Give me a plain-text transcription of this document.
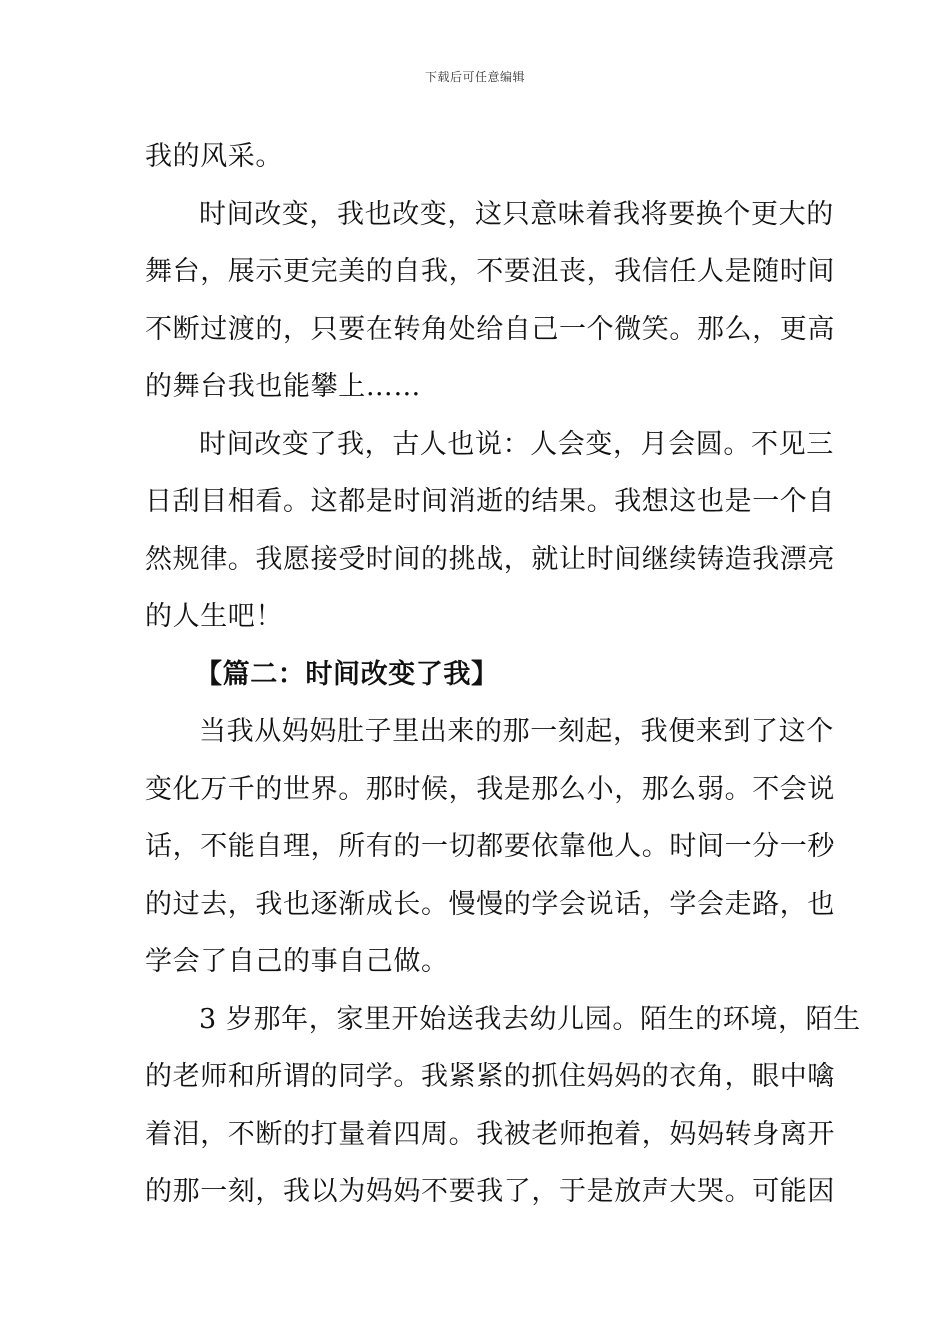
下载后可任意编辑
我的风采。
时间改变，我也改变，这只意味着我将要换个更大的
舞台，展示更完美的自我，不要沮丧，我信任人是随时间
不断过渡的，只要在转角处给自己一个微笑。那么，更高
的舞台我也能攀上……
时间改变了我，古人也说：人会变，月会圆。不见三
日刮目相看。这都是时间消逝的结果。我想这也是一个自
然规律。我愿接受时间的挑战，就让时间继续铸造我漂亮
的人生吧！
【篇二：时间改变了我】
当我从妈妈肚子里出来的那一刻起，我便来到了这个
变化万千的世界。那时候，我是那么小，那么弱。不会说
话，不能自理，所有的一切都要依靠他人。时间一分一秒
的过去，我也逐渐成长。慢慢的学会说话，学会走路，也
学会了自己的事自己做。
3 岁那年，家里开始送我去幼儿园。陌生的环境，陌生
的老师和所谓的同学。我紧紧的抓住妈妈的衣角，眼中噙
着泪，不断的打量着四周。我被老师抱着，妈妈转身离开
的那一刻，我以为妈妈不要我了，于是放声大哭。可能因
